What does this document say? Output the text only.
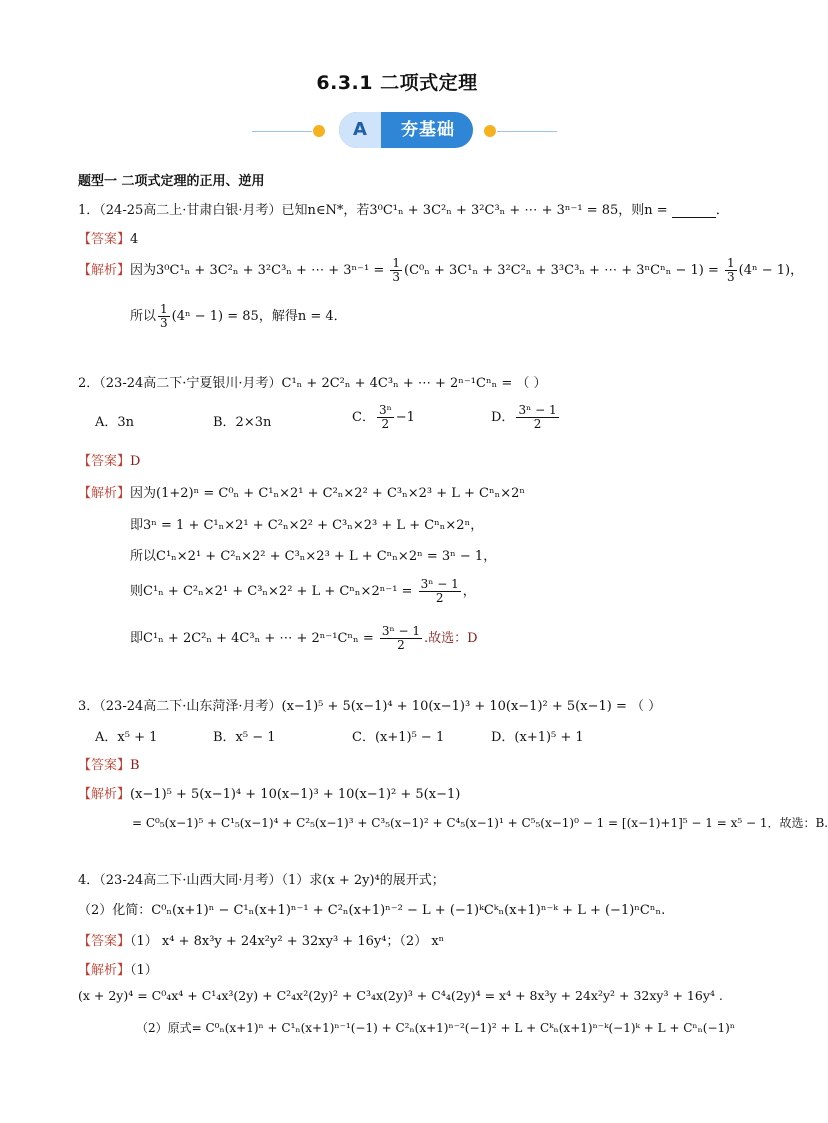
6.3.1 二项式定理
A	夯基础
题型一 二项式定理的正用、逆用
1．（24-25高二上·甘肃白银·月考）已知n∈N*，若3⁰C¹ₙ + 3C²ₙ + 3²C³ₙ + ⋯ + 3ⁿ⁻¹ = 85，则n =	．
【答案】4
【解析】因为3⁰C¹ₙ + 3C²ₙ + 3²C³ₙ + ⋯ + $3^{n-1} = \frac{1}{3} (C^0_n + 3C^1_n + 3^2C^2_n + 3^3C^3_n$ + ⋯ + $3^nC^n_n - 1) = \frac{1}{3} (4^n - 1)$，
所以 $\frac{1}{3} (4^n - 1) = 85$，解得n = 4．
2．（23-24高二下·宁夏银川·月考）C¹ₙ + 2C²ₙ + 4C³ₙ + ⋯ + 2ⁿ⁻¹Cⁿₙ = （ ）
A．3n	B．2×3n	C． $\frac{\text{3ⁿ}}{2} -1$	D． $\frac{\text{3ⁿ − 1}}{2}$
【答案】D
【解析】因为(1+2)ⁿ = C⁰ₙ + C¹ₙ×2¹ + C²ₙ×2² + C³ₙ×2³ + L + Cⁿₙ×2ⁿ
即3ⁿ = 1 + C¹ₙ×2¹ + C²ₙ×2² + C³ₙ×2³ + L + Cⁿₙ×2ⁿ，
所以C¹ₙ×2¹ + C²ₙ×2² + C³ₙ×2³ + L + Cⁿₙ×2ⁿ = 3ⁿ − 1，
则$C^1_n + C^2_n\times 2^1 + C^3_n\times 2^2 + L + C^n_n\times 2^{n-1} = \frac{\text{3ⁿ − 1}}{2}$ ，
即C¹ₙ + 2C²ₙ + 4C³ₙ + ⋯ + $2^{n-1}C^n_n = \frac{\text{3ⁿ − 1}}{2}$ .故选：D
3．（23-24高二下·山东菏泽·月考）(x−1)⁵ + 5(x−1)⁴ + 10(x−1)³ + 10(x−1)² + 5(x−1) = （ ）
A．x⁵ + 1	B．x⁵ − 1	C．(x+1)⁵ − 1	D．(x+1)⁵ + 1
【答案】B
【解析】(x−1)⁵ + 5(x−1)⁴ + 10(x−1)³ + 10(x−1)² + 5(x−1)
= C⁰₅(x−1)⁵ + C¹₅(x−1)⁴ + C²₅(x−1)³ + C³₅(x−1)² + C⁴₅(x−1)¹ + C⁵₅(x−1)⁰ − 1 = [(x−1)+1]⁵ − 1 = x⁵ − 1．故选：B.
4．（23-24高二下·山西大同·月考）（1）求(x + 2y)⁴的展开式；
（2）化简：C⁰ₙ(x+1)ⁿ − C¹ₙ(x+1)ⁿ⁻¹ + C²ₙ(x+1)ⁿ⁻² − L + (−1)ᵏCᵏₙ(x+1)ⁿ⁻ᵏ + L + (−1)ⁿCⁿₙ.
【答案】（1） x⁴ + 8x³y + 24x²y² + 32xy³ + 16y⁴；（2） xⁿ
【解析】（1）
(x + 2y)⁴ = C⁰₄x⁴ + C¹₄x³(2y) + C²₄x²(2y)² + C³₄x(2y)³ + C⁴₄(2y)⁴ = x⁴ + 8x³y + 24x²y² + 32xy³ + 16y⁴ .
（2）原式= C⁰ₙ(x+1)ⁿ + C¹ₙ(x+1)ⁿ⁻¹(−1) + C²ₙ(x+1)ⁿ⁻²(−1)² + L + Cᵏₙ(x+1)ⁿ⁻ᵏ(−1)ᵏ + L + Cⁿₙ(−1)ⁿ
